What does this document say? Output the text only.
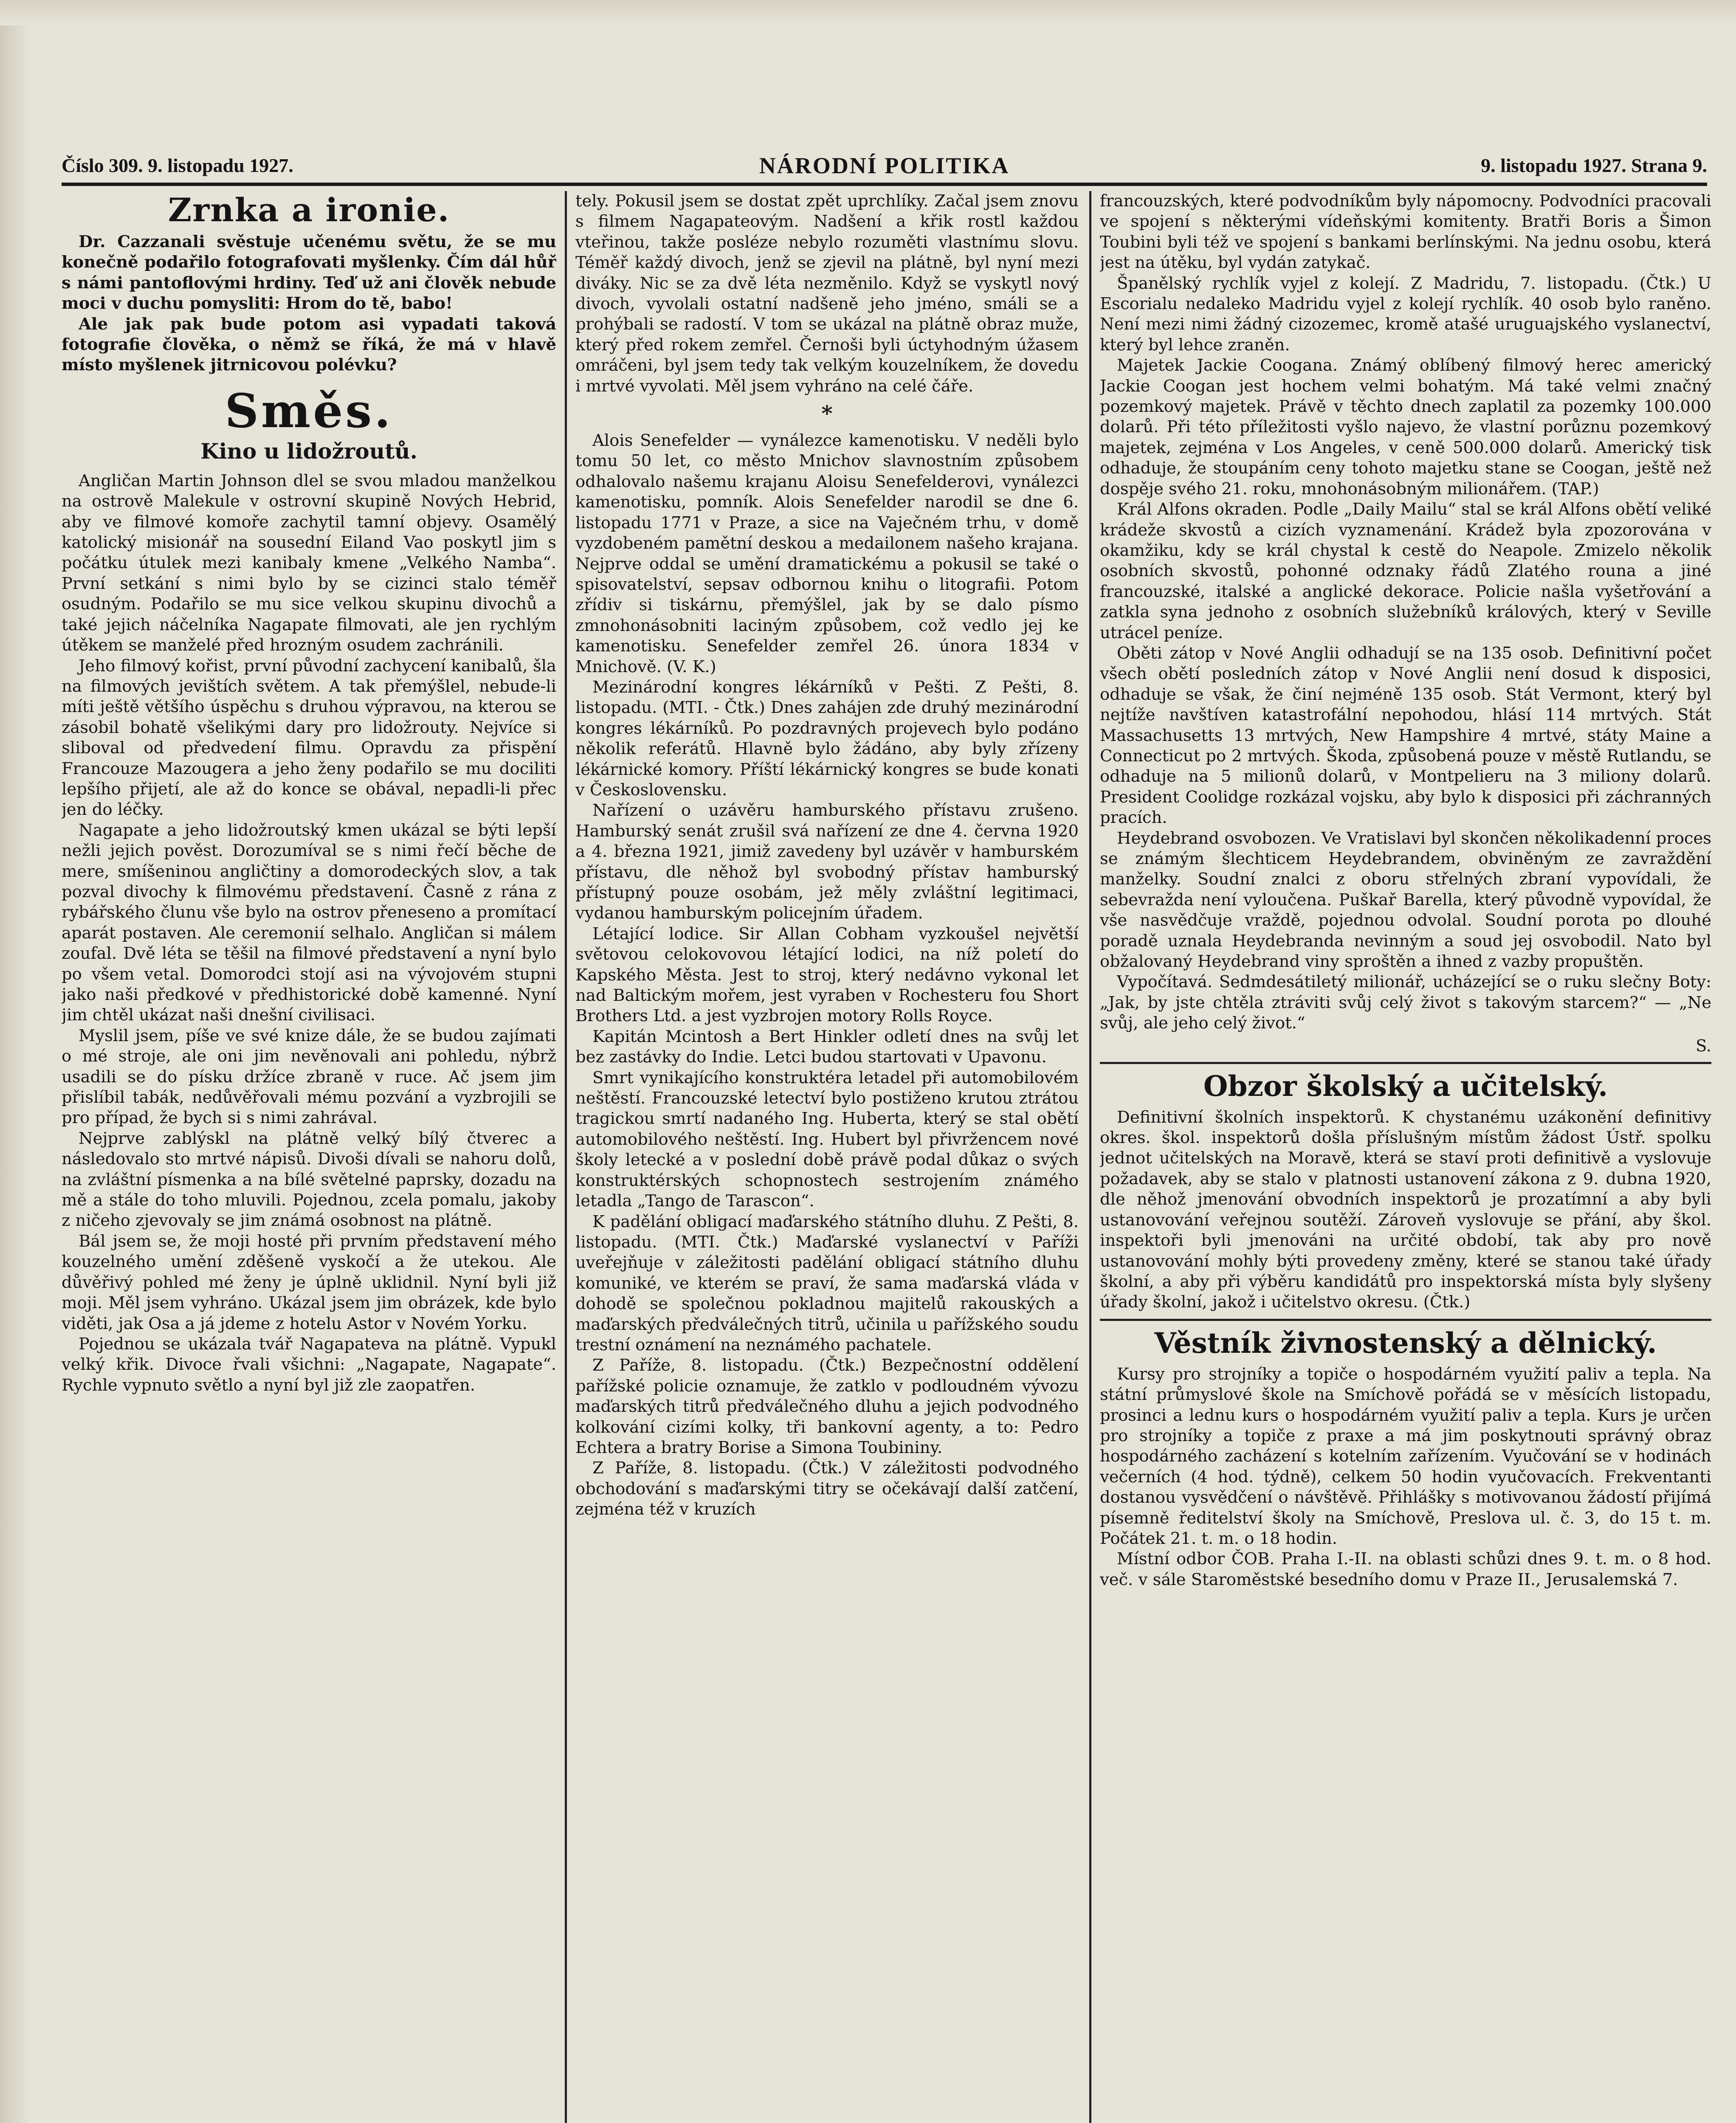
Číslo 309. 9. listopadu 1927.	NÁRODNÍ POLITIKA	9. listopadu 1927. Strana 9.
Zrnka a ironie.

Dr. Cazzanali svěstuje učenému světu, že se mu konečně podařilo fotografovati myšlenky. Čím dál hůř s námi pantoflovými hrdiny. Teď už ani člověk nebude moci v duchu pomysliti: Hrom do tě, babo!

Ale jak pak bude potom asi vypadati taková fotografie člověka, o němž se říká, že má v hlavě místo myšlenek jitrnicovou polévku?

Směs.
Kino u lidožroutů.

Angličan Martin Johnson dlel se svou mladou manželkou na ostrově Malekule v ostrovní skupině Nových Hebrid, aby ve filmové komoře zachytil tamní objevy. Osamělý katolický misionář na sousední Eiland Vao poskytl jim s počátku útulek mezi kanibaly kmene „Velkého Namba“. První setkání s nimi bylo by se cizinci stalo téměř osudným. Podařilo se mu sice velkou skupinu divochů a také jejich náčelníka Nagapate filmovati, ale jen rychlým útěkem se manželé před hrozným osudem zachránili.

Jeho filmový kořist, první původní zachycení kanibalů, šla na filmových jevištích světem. A tak přemýšlel, nebude-li míti ještě většího úspěchu s druhou výpravou, na kterou se zásobil bohatě všelikými dary pro lidožrouty. Nejvíce si sliboval od předvedení filmu. Opravdu za přispění Francouze Mazougera a jeho ženy podařilo se mu dociliti lepšího přijetí, ale až do konce se obával, nepadli-li přec jen do léčky.

Nagapate a jeho lidožroutský kmen ukázal se býti lepší nežli jejich pověst. Dorozumíval se s nimi řečí běche de mere, smíšeninou angličtiny a domorodeckých slov, a tak pozval divochy k filmovému představení. Časně z rána z rybářského člunu vše bylo na ostrov přeneseno a promítací aparát postaven. Ale ceremonií selhalo. Angličan si málem zoufal. Dvě léta se těšil na filmové představení a nyní bylo po všem vetal. Domorodci stojí asi na vývojovém stupni jako naši předkové v předhistorické době kamenné. Nyní jim chtěl ukázat naši dnešní civilisaci.

Myslil jsem, píše ve své knize dále, že se budou zajímati o mé stroje, ale oni jim nevěnovali ani pohledu, nýbrž usadili se do písku držíce zbraně v ruce. Ač jsem jim přislíbil tabák, nedůvěřovali mému pozvání a vyzbrojili se pro případ, že bych si s nimi zahrával.

Nejprve zablýskl na plátně velký bílý čtverec a následovalo sto mrtvé nápisů. Divoši dívali se nahoru dolů, na zvláštní písmenka a na bílé světelné paprsky, dozadu na mě a stále do toho mluvili. Pojednou, zcela pomalu, jakoby z ničeho zjevovaly se jim známá osobnost na plátně.

Bál jsem se, že moji hosté při prvním představení mého kouzelného umění zděšeně vyskočí a že utekou. Ale důvěřivý pohled mé ženy je úplně uklidnil. Nyní byli již moji. Měl jsem vyhráno. Ukázal jsem jim obrázek, kde bylo viděti, jak Osa a já jdeme z hotelu Astor v Novém Yorku.

Pojednou se ukázala tvář Nagapateva na plátně. Vypukl velký křik. Divoce řvali všichni: „Nagapate, Nagapate“. Rychle vypnuto světlo a nyní byl již zle zaopatřen.

tely. Pokusil jsem se dostat zpět uprchlíky. Začal jsem znovu s filmem Nagapateovým. Nadšení a křik rostl každou vteřinou, takže posléze nebylo rozuměti vlastnímu slovu. Téměř každý divoch, jenž se zjevil na plátně, byl nyní mezi diváky. Nic se za dvě léta nezměnilo. Když se vyskytl nový divoch, vyvolali ostatní nadšeně jeho jméno, smáli se a prohýbali se radostí. V tom se ukázal na plátně obraz muže, který před rokem zemřel. Černoši byli úctyhodným úžasem omráčeni, byl jsem tedy tak velkým kouzelníkem, že dovedu i mrtvé vyvolati. Měl jsem vyhráno na celé čáře.

*

Alois Senefelder — vynálezce kamenotisku. V neděli bylo tomu 50 let, co město Mnichov slavnostním způsobem odhalovalo našemu krajanu Aloisu Senefelderovi, vynálezci kamenotisku, pomník. Alois Senefelder narodil se dne 6. listopadu 1771 v Praze, a sice na Vaječném trhu, v domě vyzdobeném pamětní deskou a medailonem našeho krajana. Nejprve oddal se umění dramatickému a pokusil se také o spisovatelství, sepsav odbornou knihu o litografii. Potom zřídiv si tiskárnu, přemýšlel, jak by se dalo písmo zmnohonásobniti laciným způsobem, což vedlo jej ke kamenotisku. Senefelder zemřel 26. února 1834 v Mnichově. (V. K.)

Mezinárodní kongres lékárníků v Pešti. Z Pešti, 8. listopadu. (MTI. - Čtk.) Dnes zahájen zde druhý mezinárodní kongres lékárníků. Po pozdravných projevech bylo podáno několik referátů. Hlavně bylo žádáno, aby byly zřízeny lékárnické komory. Příští lékárnický kongres se bude konati v Československu.

Nařízení o uzávěru hamburského přístavu zrušeno. Hamburský senát zrušil svá nařízení ze dne 4. června 1920 a 4. března 1921, jimiž zavedeny byl uzávěr v hamburském přístavu, dle něhož byl svobodný přístav hamburský přístupný pouze osobám, jež měly zvláštní legitimaci, vydanou hamburským policejním úřadem.

Létající lodice. Sir Allan Cobham vyzkoušel největší světovou celokovovou létající lodici, na níž poletí do Kapského Města. Jest to stroj, který nedávno vykonal let nad Baltickým mořem, jest vyraben v Rochesteru fou Short Brothers Ltd. a jest vyzbrojen motory Rolls Royce.

Kapitán Mcintosh a Bert Hinkler odletí dnes na svůj let bez zastávky do Indie. Letci budou startovati v Upavonu.

Smrt vynikajícího konstruktéra letadel při automobilovém neštěstí. Francouzské letectví bylo postiženo krutou ztrátou tragickou smrtí nadaného Ing. Huberta, který se stal obětí automobilového neštěstí. Ing. Hubert byl přivržencem nové školy letecké a v poslední době právě podal důkaz o svých konstruktérských schopnostech sestrojením známého letadla „Tango de Tarascon“.

K padělání obligací maďarského státního dluhu. Z Pešti, 8. listopadu. (MTI. Čtk.) Maďarské vyslanectví v Paříži uveřejňuje v záležitosti padělání obligací státního dluhu komuniké, ve kterém se praví, že sama maďarská vláda v dohodě se společnou pokladnou majitelů rakouských a maďarských předválečných titrů, učinila u pařížského soudu trestní oznámení na neznámého pachatele.

Z Paříže, 8. listopadu. (Čtk.) Bezpečnostní oddělení pařížské policie oznamuje, že zatklo v podloudném vývozu maďarských titrů předválečného dluhu a jejich podvodného kolkování cizími kolky, tři bankovní agenty, a to: Pedro Echtera a bratry Borise a Simona Toubininy.

Z Paříže, 8. listopadu. (Čtk.) V záležitosti podvodného obchodování s maďarskými titry se očekávají další zatčení, zejména též v kruzích

francouzských, které podvodníkům byly nápomocny. Podvodníci pracovali ve spojení s některými vídeňskými komitenty. Bratři Boris a Šimon Toubini byli též ve spojení s bankami berlínskými. Na jednu osobu, která jest na útěku, byl vydán zatykač.

Španělský rychlík vyjel z kolejí. Z Madridu, 7. listopadu. (Čtk.) U Escorialu nedaleko Madridu vyjel z kolejí rychlík. 40 osob bylo raněno. Není mezi nimi žádný cizozemec, kromě atašé uruguajského vyslanectví, který byl lehce zraněn.

Majetek Jackie Coogana. Známý oblíbený filmový herec americký Jackie Coogan jest hochem velmi bohatým. Má také velmi značný pozemkový majetek. Právě v těchto dnech zaplatil za pozemky 100.000 dolarů. Při této příležitosti vyšlo najevo, že vlastní porůznu pozemkový majetek, zejména v Los Angeles, v ceně 500.000 dolarů. Americký tisk odhaduje, že stoupáním ceny tohoto majetku stane se Coogan, ještě než dospěje svého 21. roku, mnohonásobným milionářem. (TAP.)

Král Alfons okraden. Podle „Daily Mailu“ stal se král Alfons obětí veliké krádeže skvostů a cizích vyznamenání. Krádež byla zpozorována v okamžiku, kdy se král chystal k cestě do Neapole. Zmizelo několik osobních skvostů, pohonné odznaky řádů Zlatého rouna a jiné francouzské, italské a anglické dekorace. Policie našla vyšetřování a zatkla syna jednoho z osobních služebníků králových, který v Seville utrácel peníze.

Oběti zátop v Nové Anglii odhadují se na 135 osob. Definitivní počet všech obětí posledních zátop v Nové Anglii není dosud k disposici, odhaduje se však, že činí nejméně 135 osob. Stát Vermont, který byl nejtíže navštíven katastrofální nepohodou, hlásí 114 mrtvých. Stát Massachusetts 13 mrtvých, New Hampshire 4 mrtvé, státy Maine a Connecticut po 2 mrtvých. Škoda, způsobená pouze v městě Rutlandu, se odhaduje na 5 milionů dolarů, v Montpelieru na 3 miliony dolarů. President Coolidge rozkázal vojsku, aby bylo k disposici při záchranných pracích.

Heydebrand osvobozen. Ve Vratislavi byl skončen několikadenní proces se známým šlechticem Heydebrandem, obviněným ze zavraždění manželky. Soudní znalci z oboru střelných zbraní vypovídali, že sebevražda není vyloučena. Puškař Barella, který původně vypovídal, že vše nasvědčuje vraždě, pojednou odvolal. Soudní porota po dlouhé poradě uznala Heydebranda nevinným a soud jej osvobodil. Nato byl obžalovaný Heydebrand viny sproštěn a ihned z vazby propuštěn.

Vypočítavá. Sedmdesátiletý milionář, ucházející se o ruku slečny Boty: „Jak, by jste chtěla ztráviti svůj celý život s takovým starcem?“ — „Ne svůj, ale jeho celý život.“

S.
Obzor školský a učitelský.

Definitivní školních inspektorů. K chystanému uzákonění definitivy okres. škol. inspektorů došla příslušným místům žádost Ústř. spolku jednot učitelských na Moravě, která se staví proti definitivě a vyslovuje požadavek, aby se stalo v platnosti ustanovení zákona z 9. dubna 1920, dle něhož jmenování obvodních inspektorů je prozatímní a aby byli ustanovování veřejnou soutěží. Zároveň vyslovuje se přání, aby škol. inspektoři byli jmenováni na určité období, tak aby pro nově ustanovování mohly býti provedeny změny, které se stanou také úřady školní, a aby při výběru kandidátů pro inspektorská místa byly slyšeny úřady školní, jakož i učitelstvo okresu. (Čtk.)

Věstník živnostenský a dělnický.

Kursy pro strojníky a topiče o hospodárném využití paliv a tepla. Na státní průmyslové škole na Smíchově pořádá se v měsících listopadu, prosinci a lednu kurs o hospodárném využití paliv a tepla. Kurs je určen pro strojníky a topiče z praxe a má jim poskytnouti správný obraz hospodárného zacházení s kotelním zařízením. Vyučování se v hodinách večerních (4 hod. týdně), celkem 50 hodin vyučovacích. Frekventanti dostanou vysvědčení o návštěvě. Přihlášky s motivovanou žádostí přijímá písemně ředitelství školy na Smíchově, Preslova ul. č. 3, do 15 t. m. Počátek 21. t. m. o 18 hodin.

Místní odbor ČOB. Praha I.-II. na oblasti schůzi dnes 9. t. m. o 8 hod. več. v sále Staroměstské besedního domu v Praze II., Jerusalemská 7.
